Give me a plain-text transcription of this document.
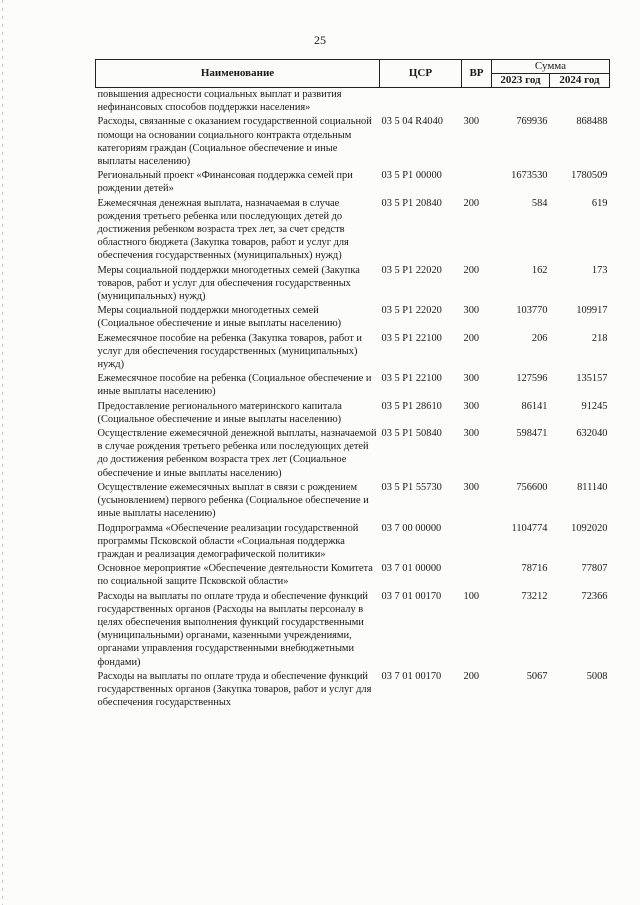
25
Наименование	ЦСР	ВР	Сумма	
			2023 год	2024 год
повышения адресности социальных выплат и развития нефинансовых способов поддержки населения»				
Расходы, связанные с оказанием государственной социальной помощи на основании социального контракта отдельным категориям граждан (Социальное обеспечение и иные выплаты населению)	03 5 04 R4040	300	769936	868488
Региональный проект «Финансовая поддержка семей при рождении детей»	03 5 P1 00000		1673530	1780509
Ежемесячная денежная выплата, назначаемая в случае рождения третьего ребенка или последующих детей до достижения ребенком возраста трех лет, за счет средств областного бюджета (Закупка товаров, работ и услуг для обеспечения государственных (муниципальных) нужд)	03 5 P1 20840	200	584	619
Меры социальной поддержки многодетных семей (Закупка товаров, работ и услуг для обеспечения государственных (муниципальных) нужд)	03 5 P1 22020	200	162	173
Меры социальной поддержки многодетных семей (Социальное обеспечение и иные выплаты населению)	03 5 P1 22020	300	103770	109917
Ежемесячное пособие на ребенка (Закупка товаров, работ и услуг для обеспечения государственных (муниципальных) нужд)	03 5 P1 22100	200	206	218
Ежемесячное пособие на ребенка (Социальное обеспечение и иные выплаты населению)	03 5 P1 22100	300	127596	135157
Предоставление регионального материнского капитала (Социальное обеспечение и иные выплаты населению)	03 5 P1 28610	300	86141	91245
Осуществление ежемесячной денежной выплаты, назначаемой в случае рождения третьего ребенка или последующих детей до достижения ребенком возраста трех лет (Социальное обеспечение и иные выплаты населению)	03 5 P1 50840	300	598471	632040
Осуществление ежемесячных выплат в связи с рождением (усыновлением) первого ребенка (Социальное обеспечение и иные выплаты населению)	03 5 P1 55730	300	756600	811140
Подпрограмма «Обеспечение реализации государственной программы Псковской области «Социальная поддержка граждан и реализация демографической политики»	03 7 00 00000		1104774	1092020
Основное мероприятие «Обеспечение деятельности Комитета по социальной защите Псковской области»	03 7 01 00000		78716	77807
Расходы на выплаты по оплате труда и обеспечение функций государственных органов (Расходы на выплаты персоналу в целях обеспечения выполнения функций государственными (муниципальными) органами, казенными учреждениями, органами управления государственными внебюджетными фондами)	03 7 01 00170	100	73212	72366
Расходы на выплаты по оплате труда и обеспечение функций государственных органов (Закупка товаров, работ и услуг для обеспечения государственных	03 7 01 00170	200	5067	5008
